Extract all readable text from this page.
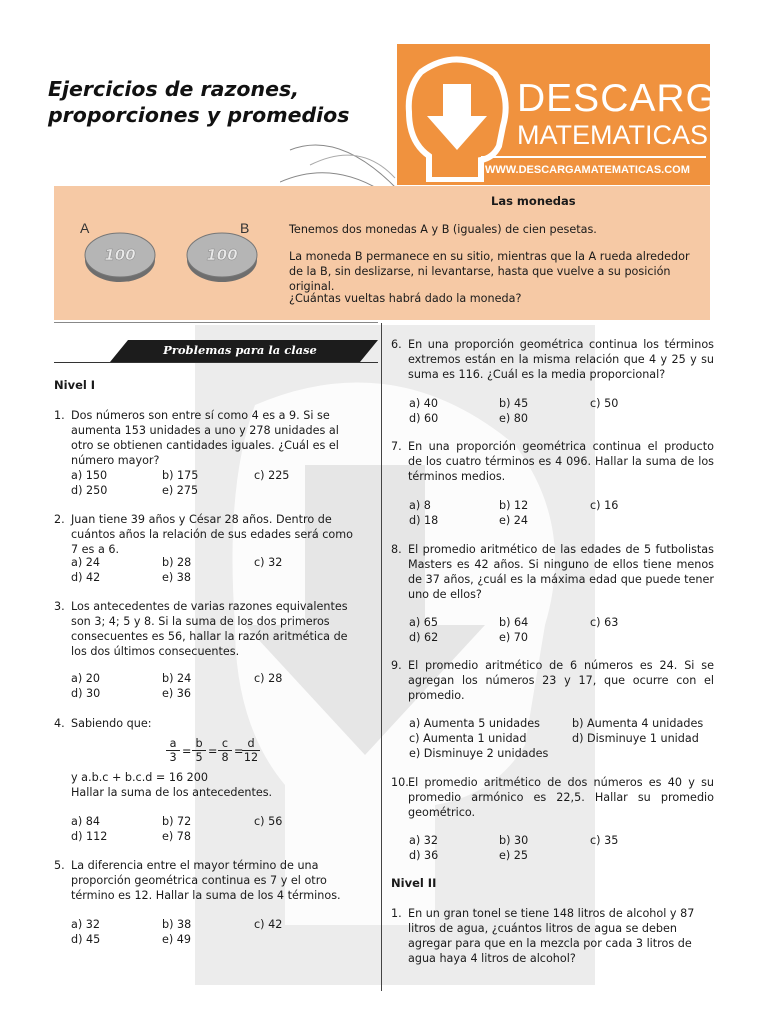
Ejercicios de razones,
proporciones y promedios	DESCARGA
MATEMATICAS
WWW.DESCARGAMATEMATICAS.COM
Las monedas
A	B
100	100
Tenemos dos monedas A y B (iguales) de cien pesetas.
La moneda B permanece en su sitio, mientras que la A rueda alrededor de la B, sin deslizarse, ni levantarse, hasta que vuelve a su posición original.
¿Cuántas vueltas habrá dado la moneda?
Problemas para la clase
Nivel I
1. Dos números son entre sí como 4 es a 9. Si se aumenta 153 unidades a uno y 278 unidades al otro se obtienen cantidades iguales. ¿Cuál es el número mayor?
a) 150	b) 175	c) 225
d) 250	e) 275
2. Juan tiene 39 años y César 28 años. Dentro de cuántos años la relación de sus edades será como 7 es a 6.
a) 24	b) 28	c) 32
d) 42	e) 38
3. Los antecedentes de varias razones equivalentes son 3; 4; 5 y 8. Si la suma de los dos primeros consecuentes es 56, hallar la razón aritmética de los dos últimos consecuentes.
a) 20	b) 24	c) 28
d) 30	e) 36
4. Sabiendo que:
$\frac{a}{3} = \frac{b}{5} = \frac{c}{8}$ =
$\frac{d}{12}$
y a.b.c + b.c.d = 16 200
Hallar la suma de los antecedentes.
a) 84	b) 72	c) 56
d) 112	e) 78
5. La diferencia entre el mayor término de una proporción geométrica continua es 7 y el otro término es 12. Hallar la suma de los 4 términos.
a) 32	b) 38	c) 42
d) 45	e) 49
6. En una proporción geométrica continua los términos extremos están en la misma relación que 4 y 25 y su suma es 116. ¿Cuál es la media proporcional?
a) 40	b) 45	c) 50
d) 60	e) 80
7. En una proporción geométrica continua el producto de los cuatro términos es 4 096. Hallar la suma de los términos medios.
a) 8	b) 12	c) 16
d) 18	e) 24
8. El promedio aritmético de las edades de 5 futbolistas Masters es 42 años. Si ninguno de ellos tiene menos de 37 años, ¿cuál es la máxima edad que puede tener uno de ellos?
a) 65	b) 64	c) 63
d) 62	e) 70
9. El promedio aritmético de 6 números es 24. Si se agregan los números 23 y 17, que ocurre con el promedio.
a) Aumenta 5 unidades	b) Aumenta 4 unidades
c) Aumenta 1 unidad	d) Disminuye 1 unidad
e) Disminuye 2 unidades
10. El promedio aritmético de dos números es 40 y su promedio armónico es 22,5. Hallar su promedio geométrico.
a) 32	b) 30	c) 35
d) 36	e) 25
Nivel II
1. En un gran tonel se tiene 148 litros de alcohol y 87 litros de agua, ¿cuántos litros de agua se deben agregar para que en la mezcla por cada 3 litros de agua haya 4 litros de alcohol?
